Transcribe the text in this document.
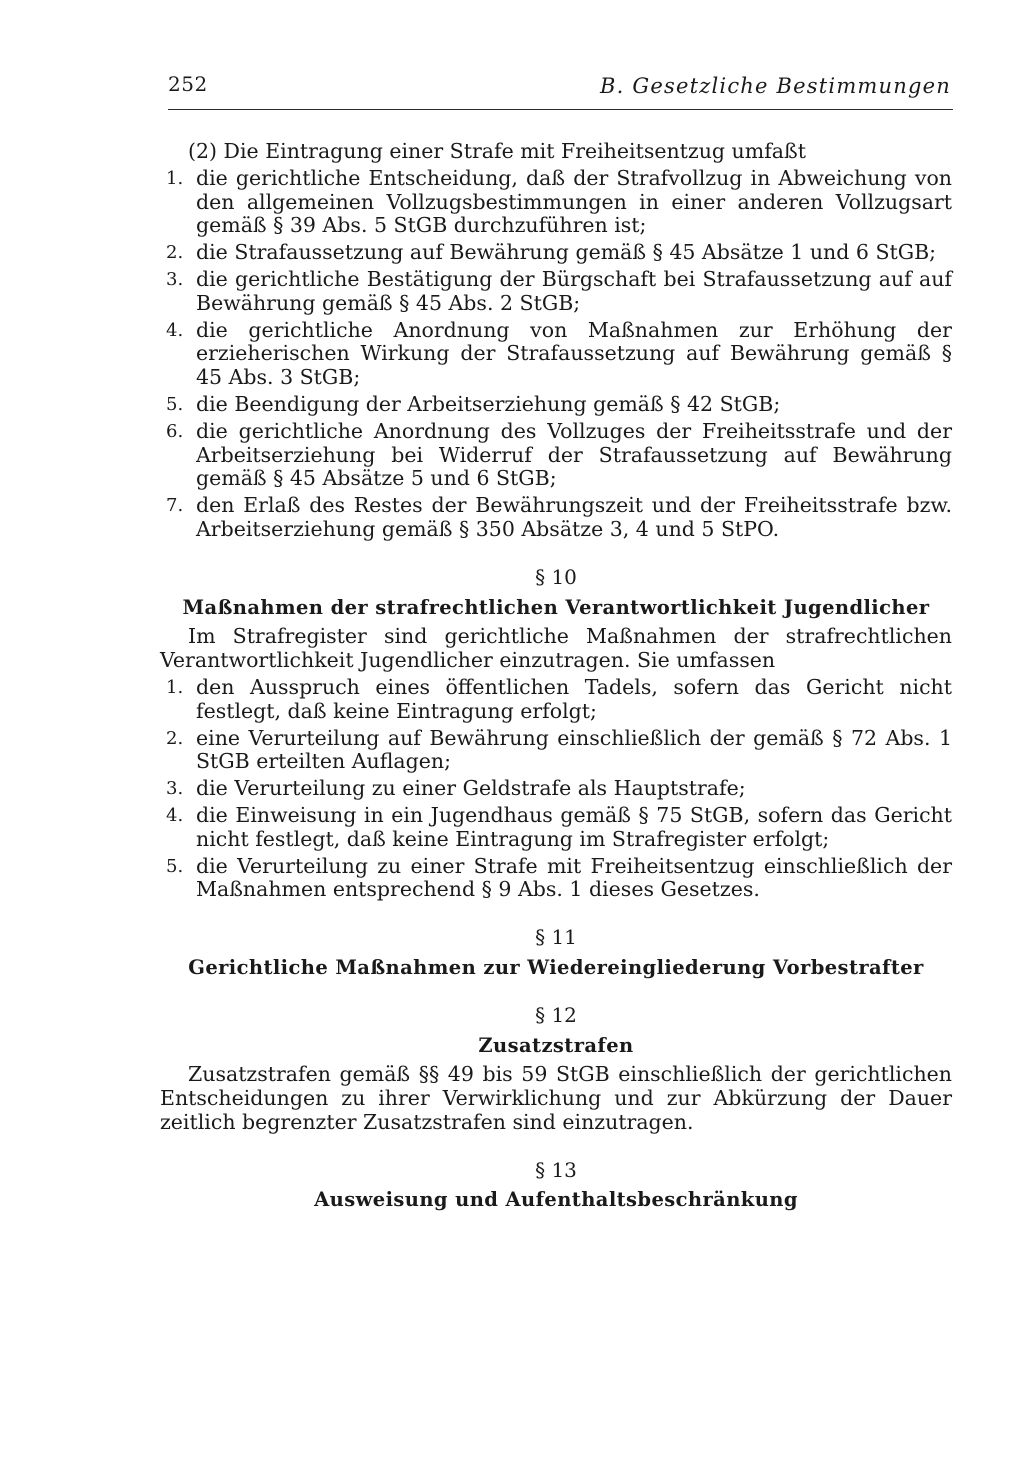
252	B. Gesetzliche Bestimmungen

(2) Die Eintragung einer Strafe mit Freiheitsentzug umfaßt

1. die gerichtliche Entscheidung, daß der Strafvollzug in Abweichung von den allgemeinen Vollzugsbestimmungen in einer anderen Vollzugsart gemäß § 39 Abs. 5 StGB durchzuführen ist;
2. die Strafaussetzung auf Bewährung gemäß § 45 Absätze 1 und 6 StGB;
3. die gerichtliche Bestätigung der Bürgschaft bei Strafaussetzung auf auf Bewährung gemäß § 45 Abs. 2 StGB;
4. die gerichtliche Anordnung von Maßnahmen zur Erhöhung der erzieherischen Wirkung der Strafaussetzung auf Bewährung gemäß § 45 Abs. 3 StGB;
5. die Beendigung der Arbeitserziehung gemäß § 42 StGB;
6. die gerichtliche Anordnung des Vollzuges der Freiheitsstrafe und der Arbeitserziehung bei Widerruf der Strafaussetzung auf Bewährung gemäß § 45 Absätze 5 und 6 StGB;
7. den Erlaß des Restes der Bewährungszeit und der Freiheitsstrafe bzw. Arbeitserziehung gemäß § 350 Absätze 3, 4 und 5 StPO.
§ 10
Maßnahmen der strafrechtlichen Verantwortlichkeit Jugendlicher

Im Strafregister sind gerichtliche Maßnahmen der strafrechtlichen Verantwortlichkeit Jugendlicher einzutragen. Sie umfassen

1. den Ausspruch eines öffentlichen Tadels, sofern das Gericht nicht festlegt, daß keine Eintragung erfolgt;
2. eine Verurteilung auf Bewährung einschließlich der gemäß § 72 Abs. 1 StGB erteilten Auflagen;
3. die Verurteilung zu einer Geldstrafe als Hauptstrafe;
4. die Einweisung in ein Jugendhaus gemäß § 75 StGB, sofern das Gericht nicht festlegt, daß keine Eintragung im Strafregister erfolgt;
5. die Verurteilung zu einer Strafe mit Freiheitsentzug einschließlich der Maßnahmen entsprechend § 9 Abs. 1 dieses Gesetzes.
§ 11
Gerichtliche Maßnahmen zur Wiedereingliederung Vorbestrafter
§ 12
Zusatzstrafen

Zusatzstrafen gemäß §§ 49 bis 59 StGB einschließlich der gerichtlichen Entscheidungen zu ihrer Verwirklichung und zur Abkürzung der Dauer zeitlich begrenzter Zusatzstrafen sind einzutragen.

§ 13
Ausweisung und Aufenthaltsbeschränkung
